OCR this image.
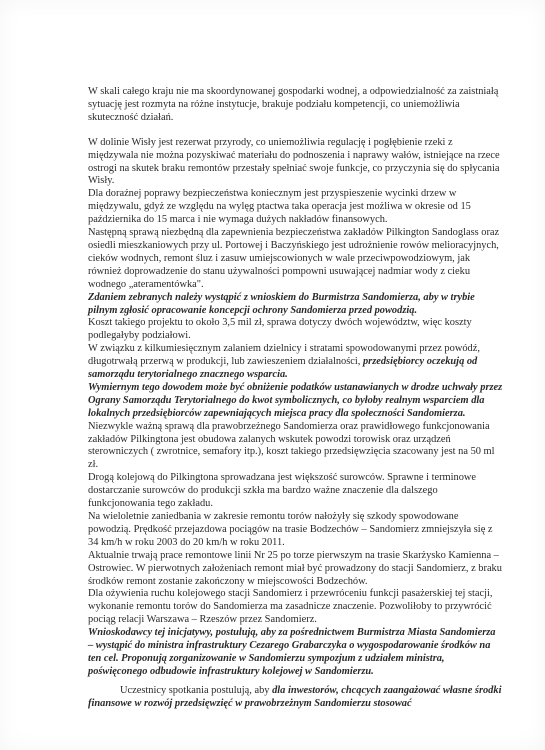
W skali całego kraju nie ma skoordynowanej gospodarki wodnej, a odpowiedzialność za zaistniałą sytuację jest rozmyta na różne instytucje, brakuje podziału kompetencji, co uniemożliwia skuteczność działań.

W dolinie Wisły jest rezerwat przyrody, co uniemożliwia regulację i pogłębienie rzeki z międzywala nie można pozyskiwać materiału do podnoszenia i naprawy wałów, istniejące na rzece ostrogi na skutek braku remontów przestały spełniać swoje funkcje, co przyczynia się do spłycania Wisły.

Dla doraźnej poprawy bezpieczeństwa koniecznym jest przyspieszenie wycinki drzew w międzywalu, gdyż ze względu na wylęg ptactwa taka operacja jest możliwa w okresie od 15 października do 15 marca i nie wymaga dużych nakładów finansowych.

Następną sprawą niezbędną dla zapewnienia bezpieczeństwa zakładów Pilkington Sandoglass oraz osiedli mieszkaniowych przy ul. Portowej i Baczyńskiego jest udrożnienie rowów melioracyjnych, cieków wodnych, remont śluz i zasuw umiejscowionych w wale przeciwpowodziowym, jak również doprowadzenie do stanu używalności pompowni usuwającej nadmiar wody z cieku wodnego „ateramentówka".

Zdaniem zebranych należy wystąpić z wnioskiem do Burmistrza Sandomierza, aby w trybie pilnym zgłosić opracowanie koncepcji ochrony Sandomierza przed powodzią.

Koszt takiego projektu to około 3,5 mil zł, sprawa dotyczy dwóch województw, więc koszty podlegałyby podziałowi.

W związku z kilkumiesięcznym zalaniem dzielnicy i stratami spowodowanymi przez powódź, długotrwałą przerwą w produkcji, lub zawieszeniem działalności, przedsiębiorcy oczekują od samorządu terytorialnego znacznego wsparcia.

Wymiernym tego dowodem może być obniżenie podatków ustanawianych w drodze uchwały przez Ograny Samorządu Terytorialnego do kwot symbolicznych, co byłoby realnym wsparciem dla lokalnych przedsiębiorców zapewniających miejsca pracy dla społeczności Sandomierza.

Niezwykle ważną sprawą dla prawobrzeżnego Sandomierza oraz prawidłowego funkcjonowania zakładów Pilkingtona jest obudowa zalanych wskutek powodzi torowisk oraz urządzeń sterowniczych ( zwrotnice, semafory itp.), koszt takiego przedsięwzięcia szacowany jest na 50 ml zł.

Drogą kolejową do Pilkingtona sprowadzana jest większość surowców. Sprawne i terminowe dostarczanie surowców do produkcji szkła ma bardzo ważne znaczenie dla dalszego funkcjonowania tego zakładu.

Na wieloletnie zaniedbania w zakresie remontu torów nałożyły się szkody spowodowane powodzią. Prędkość przejazdowa pociągów na trasie Bodzechów – Sandomierz zmniejszyła się z 34 km/h w roku 2003 do 20 km/h w roku 2011.

Aktualnie trwają prace remontowe linii Nr 25 po torze pierwszym na trasie Skarżysko Kamienna – Ostrowiec. W pierwotnych założeniach remont miał być prowadzony do stacji Sandomierz, z braku środków remont zostanie zakończony w miejscowości Bodzechów.

Dla ożywienia ruchu kolejowego stacji Sandomierz i przewróceniu funkcji pasażerskiej tej stacji, wykonanie remontu torów do Sandomierza ma zasadnicze znaczenie. Pozwoliłoby to przywrócić pociąg relacji Warszawa – Rzeszów przez Sandomierz.

Wnioskodawcy tej inicjatywy, postulują, aby za pośrednictwem Burmistrza Miasta Sandomierza – wystąpić do ministra infrastruktury Cezarego Grabarczyka o wygospodarowanie środków na ten cel. Proponują zorganizowanie w Sandomierzu sympozjum z udziałem ministra, poświęconego odbudowie infrastruktury kolejowej w Sandomierzu.

Uczestnicy spotkania postulują, aby dla inwestorów, chcących zaangażować własne środki finansowe w rozwój przedsięwzięć w prawobrzeżnym Sandomierzu stosować
